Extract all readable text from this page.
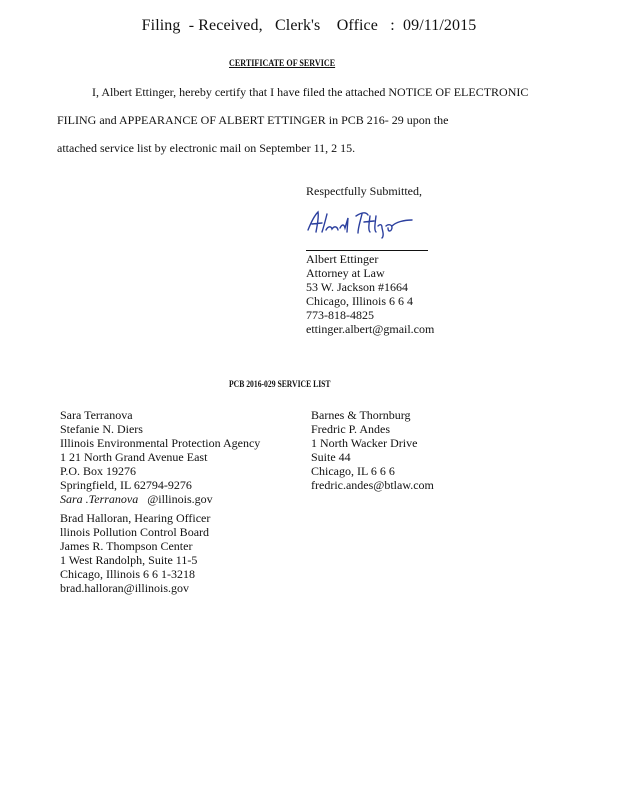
Filing - Received, Clerk's Office : 09/11/2015
CERTIFICATE OF SERVICE
I, Albert Ettinger, hereby certify that I have filed the attached NOTICE OF ELECTRONIC
FILING and APPEARANCE OF ALBERT ETTINGER in PCB 216- 29 upon the
attached service list by electronic mail on September 11, 2 15.
Respectfully Submitted,
Albert Ettinger
Attorney at Law
53 W. Jackson #1664
Chicago, Illinois 6 6 4
773-818-4825
ettinger.albert@gmail.com
PCB 2016-029 SERVICE LIST
Sara Terranova
Stefanie N. Diers
Illinois Environmental Protection Agency
1 21 North Grand Avenue East
P.O. Box 19276
Springfield, IL 62794-9276
Sara .Terranova @illinois.gov
Brad Halloran, Hearing Officer
llinois Pollution Control Board
James R. Thompson Center
1 West Randolph, Suite 11-5
Chicago, Illinois 6 6 1-3218
brad.halloran@illinois.gov
Barnes & Thornburg
Fredric P. Andes
1 North Wacker Drive
Suite 44
Chicago, IL 6 6 6
fredric.andes@btlaw.com
